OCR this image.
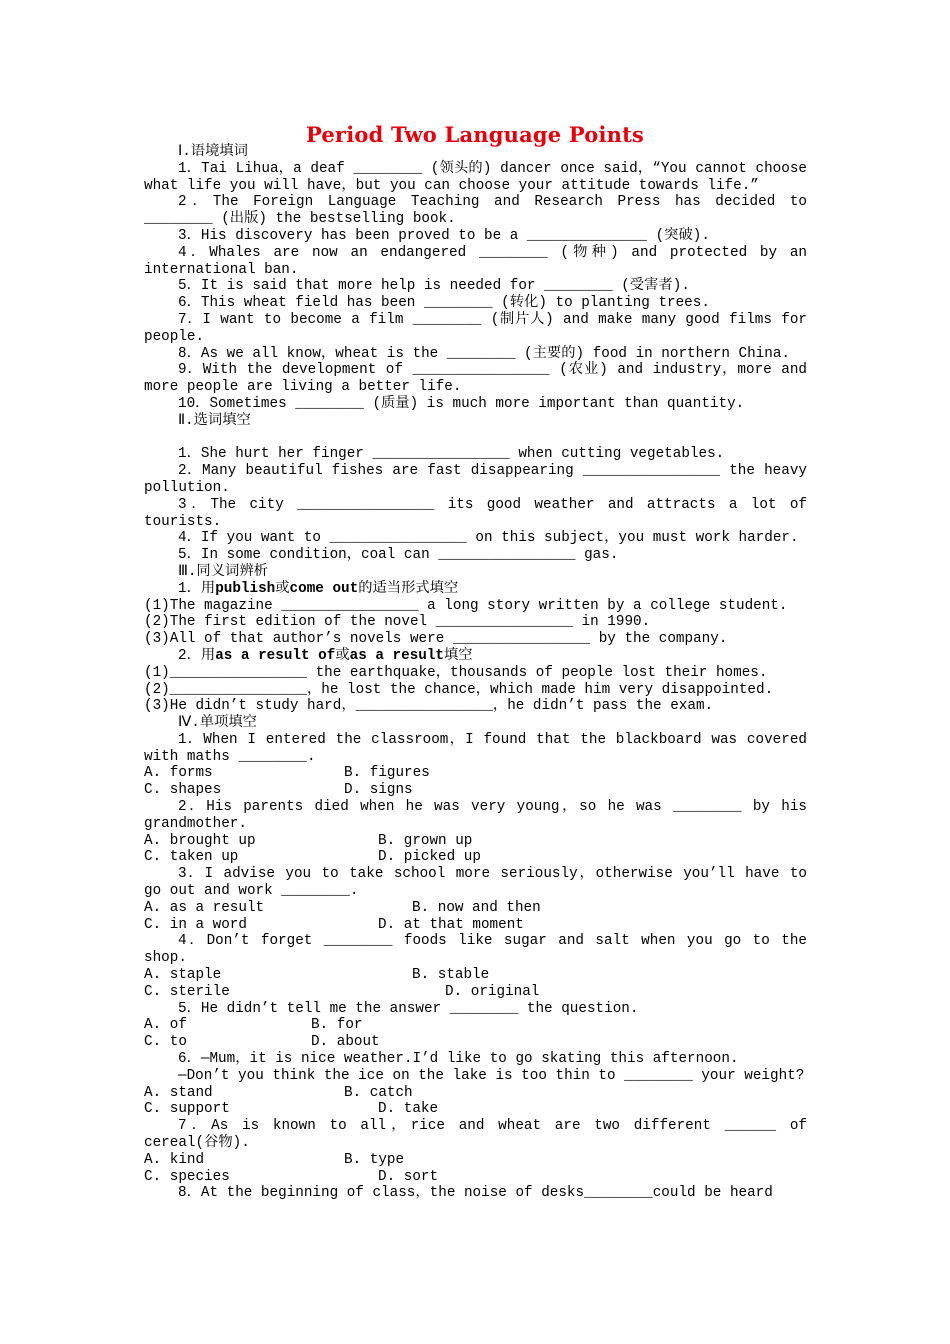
Period Two Language Points

Ⅰ.语境填词

1．Tai Lihua，a deaf ________ (领头的) dancer once said，“You cannot choose what life you will have，but you can choose your attitude towards life.”

2．The Foreign Language Teaching and Research Press has decided to ________ (出版) the bestselling book.

3．His discovery has been proved to be a ______________ (突破).

4．Whales are now an endangered ________ (物种) and protected by an international ban.

5．It is said that more help is needed for ________ (受害者).

6．This wheat field has been ________ (转化) to planting trees.

7．I want to become a film ________ (制片人) and make many good films for people.

8．As we all know，wheat is the ________ (主要的) food in northern China.

9．With the development of ________________ (农业) and industry，more and more people are living a better life.

10．Sometimes ________ (质量) is much more important than quantity.

Ⅱ.选词填空

1．She hurt her finger ________________ when cutting vegetables.

2．Many beautiful fishes are fast disappearing ________________ the heavy pollution.

3．The city ________________ its good weather and attracts a lot of tourists.

4．If you want to ________________ on this subject，you must work harder.

5．In some condition，coal can ________________ gas.

Ⅲ.同义词辨析

1．用publish或come out的适当形式填空

(1)The magazine ________________ a long story written by a college student.

(2)The first edition of the novel ________________ in 1990.

(3)All of that author’s novels were ________________ by the company.

2．用as a result of或as a result填空

(1)________________ the earthquake，thousands of people lost their homes.

(2)________________，he lost the chance，which made him very disappointed.

(3)He didn’t study hard，________________，he didn’t pass the exam.

Ⅳ.单项填空

1．When I entered the classroom，I found that the blackboard was covered with maths ________.

A. forms	B. figures

C. shapes	D. signs

2．His parents died when he was very young，so he was ________ by his grandmother.

A. brought up	B. grown up

C. taken up	D. picked up

3．I advise you to take school more seriously，otherwise you’ll have to go out and work ________.

A. as a result	B. now and then

C. in a word	D. at that moment

4．Don’t forget ________ foods like sugar and salt when you go to the shop.

A. staple	B. stable

C. sterile	D. original

5．He didn’t tell me the answer ________ the question.

A. of	B. for

C. to	D. about

6．—Mum，it is nice weather.I’d like to go skating this afternoon.

—Don’t you think the ice on the lake is too thin to ________ your weight?

A. stand	B. catch

C. support	D. take

7．As is known to all，rice and wheat are two different ______ of cereal(谷物).

A. kind	B. type

C. species	D. sort

8．At the beginning of class，the noise of desks________could be heard
